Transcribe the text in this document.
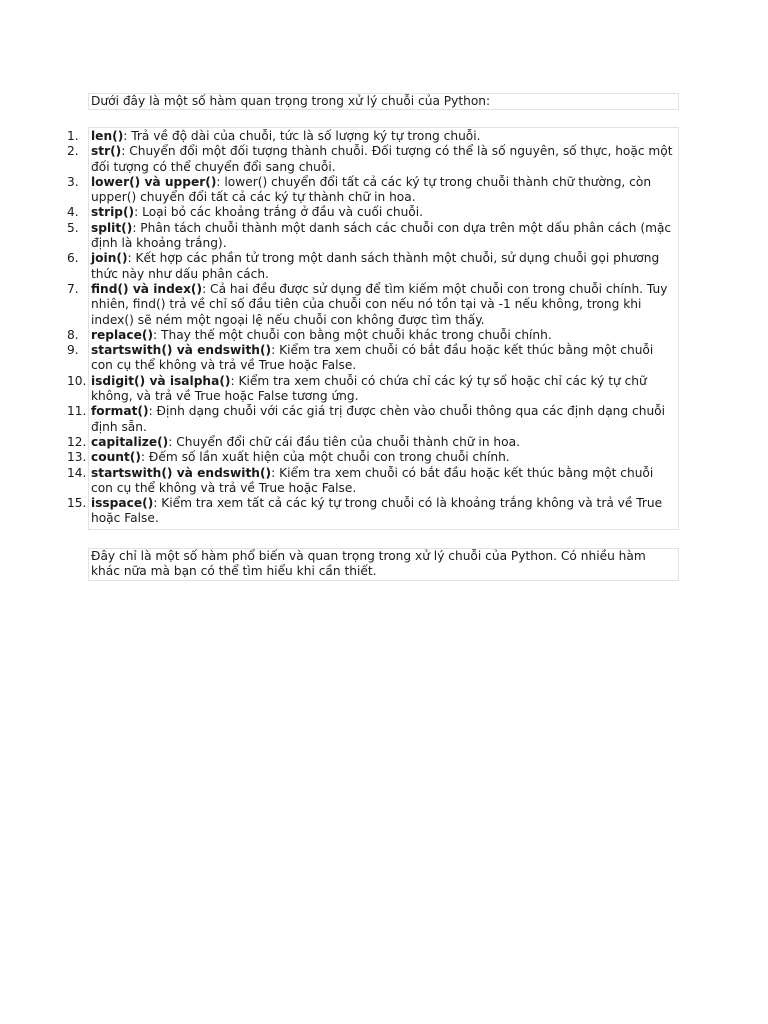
Dưới đây là một số hàm quan trọng trong xử lý chuỗi của Python:
1.	len(): Trả về độ dài của chuỗi, tức là số lượng ký tự trong chuỗi.
2.	str(): Chuyển đổi một đối tượng thành chuỗi. Đối tượng có thể là số nguyên, số thực, hoặc một đối tượng có thể chuyển đổi sang chuỗi.
3.	lower() và upper(): lower() chuyển đổi tất cả các ký tự trong chuỗi thành chữ thường, còn upper() chuyển đổi tất cả các ký tự thành chữ in hoa.
4.	strip(): Loại bỏ các khoảng trắng ở đầu và cuối chuỗi.
5.	split(): Phân tách chuỗi thành một danh sách các chuỗi con dựa trên một dấu phân cách (mặc định là khoảng trắng).
6.	join(): Kết hợp các phần tử trong một danh sách thành một chuỗi, sử dụng chuỗi gọi phương thức này như dấu phân cách.
7.	find() và index(): Cả hai đều được sử dụng để tìm kiếm một chuỗi con trong chuỗi chính. Tuy nhiên, find() trả về chỉ số đầu tiên của chuỗi con nếu nó tồn tại và -1 nếu không, trong khi index() sẽ ném một ngoại lệ nếu chuỗi con không được tìm thấy.
8.	replace(): Thay thế một chuỗi con bằng một chuỗi khác trong chuỗi chính.
9.	startswith() và endswith(): Kiểm tra xem chuỗi có bắt đầu hoặc kết thúc bằng một chuỗi con cụ thể không và trả về True hoặc False.
10. isdigit() và isalpha(): Kiểm tra xem chuỗi có chứa chỉ các ký tự số hoặc chỉ các ký tự chữ không, và trả về True hoặc False tương ứng.
11. format(): Định dạng chuỗi với các giá trị được chèn vào chuỗi thông qua các định dạng chuỗi định sẵn.
12. capitalize(): Chuyển đổi chữ cái đầu tiên của chuỗi thành chữ in hoa.
13. count(): Đếm số lần xuất hiện của một chuỗi con trong chuỗi chính.
14. startswith() và endswith(): Kiểm tra xem chuỗi có bắt đầu hoặc kết thúc bằng một chuỗi con cụ thể không và trả về True hoặc False.
15. isspace(): Kiểm tra xem tất cả các ký tự trong chuỗi có là khoảng trắng không và trả về True hoặc False.
Đây chỉ là một số hàm phổ biến và quan trọng trong xử lý chuỗi của Python. Có nhiều hàm khác nữa mà bạn có thể tìm hiểu khi cần thiết.
